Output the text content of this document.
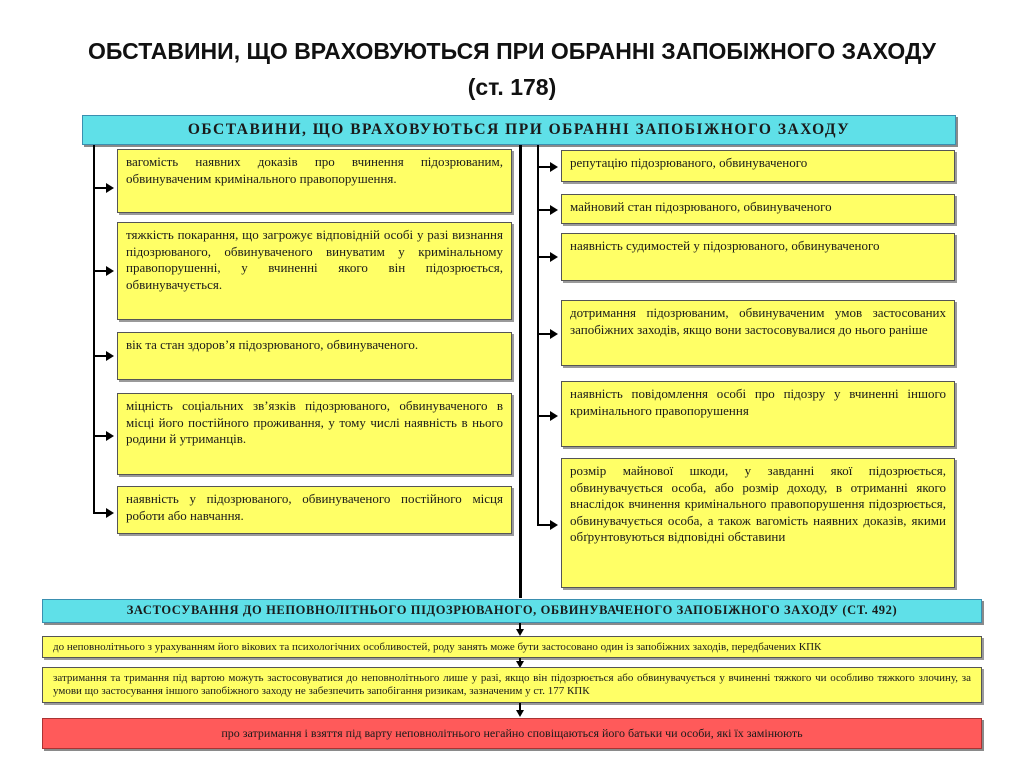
ОБСТАВИНИ, ЩО ВРАХОВУЮТЬСЯ ПРИ ОБРАННІ ЗАПОБІЖНОГО ЗАХОДУ
(ст. 178)
ОБСТАВИНИ, ЩО ВРАХОВУЮТЬСЯ ПРИ ОБРАННІ ЗАПОБІЖНОГО ЗАХОДУ
вагомість наявних доказів про вчинення підозрюваним, обвинуваченим кримінального правопорушення.
тяжкість покарання, що загрожує відповідній особі у разі визнання підозрюваного, обвинуваченого винуватим у кримінальному правопорушенні, у вчиненні якого він підозрюється, обвинувачується.
вік та стан здоров’я підозрюваного, обвинуваченого.
міцність соціальних зв’язків підозрюваного, обвинуваченого в місці його постійного проживання, у тому числі наявність в нього родини й утриманців.
наявність у підозрюваного, обвинуваченого постійного місця роботи або навчання.
репутацію підозрюваного, обвинуваченого
майновий стан підозрюваного, обвинуваченого
наявність судимостей у підозрюваного, обвинуваченого
дотримання підозрюваним, обвинуваченим умов застосованих запобіжних заходів, якщо вони застосовувалися до нього раніше
наявність повідомлення особі про підозру у вчиненні іншого кримінального правопорушення
розмір майнової шкоди, у завданні якої підозрюється, обвинувачується особа, або розмір доходу, в отриманні якого внаслідок вчинення кримінального правопорушення підозрюється, обвинувачується особа, а також вагомість наявних доказів, якими обґрунтовуються відповідні обставини
ЗАСТОСУВАННЯ ДО НЕПОВНОЛІТНЬОГО ПІДОЗРЮВАНОГО, ОБВИНУВАЧЕНОГО ЗАПОБІЖНОГО ЗАХОДУ (СТ. 492)
до неповнолітнього з урахуванням його вікових та психологічних особливостей, роду занять може бути застосовано один із запобіжних заходів, передбачених КПК
затримання та тримання під вартою можуть застосовуватися до неповнолітнього лише у разі, якщо він підозрюється або обвинувачується у вчиненні тяжкого чи особливо тяжкого злочину, за умови що застосування іншого запобіжного заходу не забезпечить запобігання ризикам, зазначеним у ст. 177 КПК
про затримання і взяття під варту неповнолітнього негайно сповіщаються його батьки чи особи, які їх замінюють
